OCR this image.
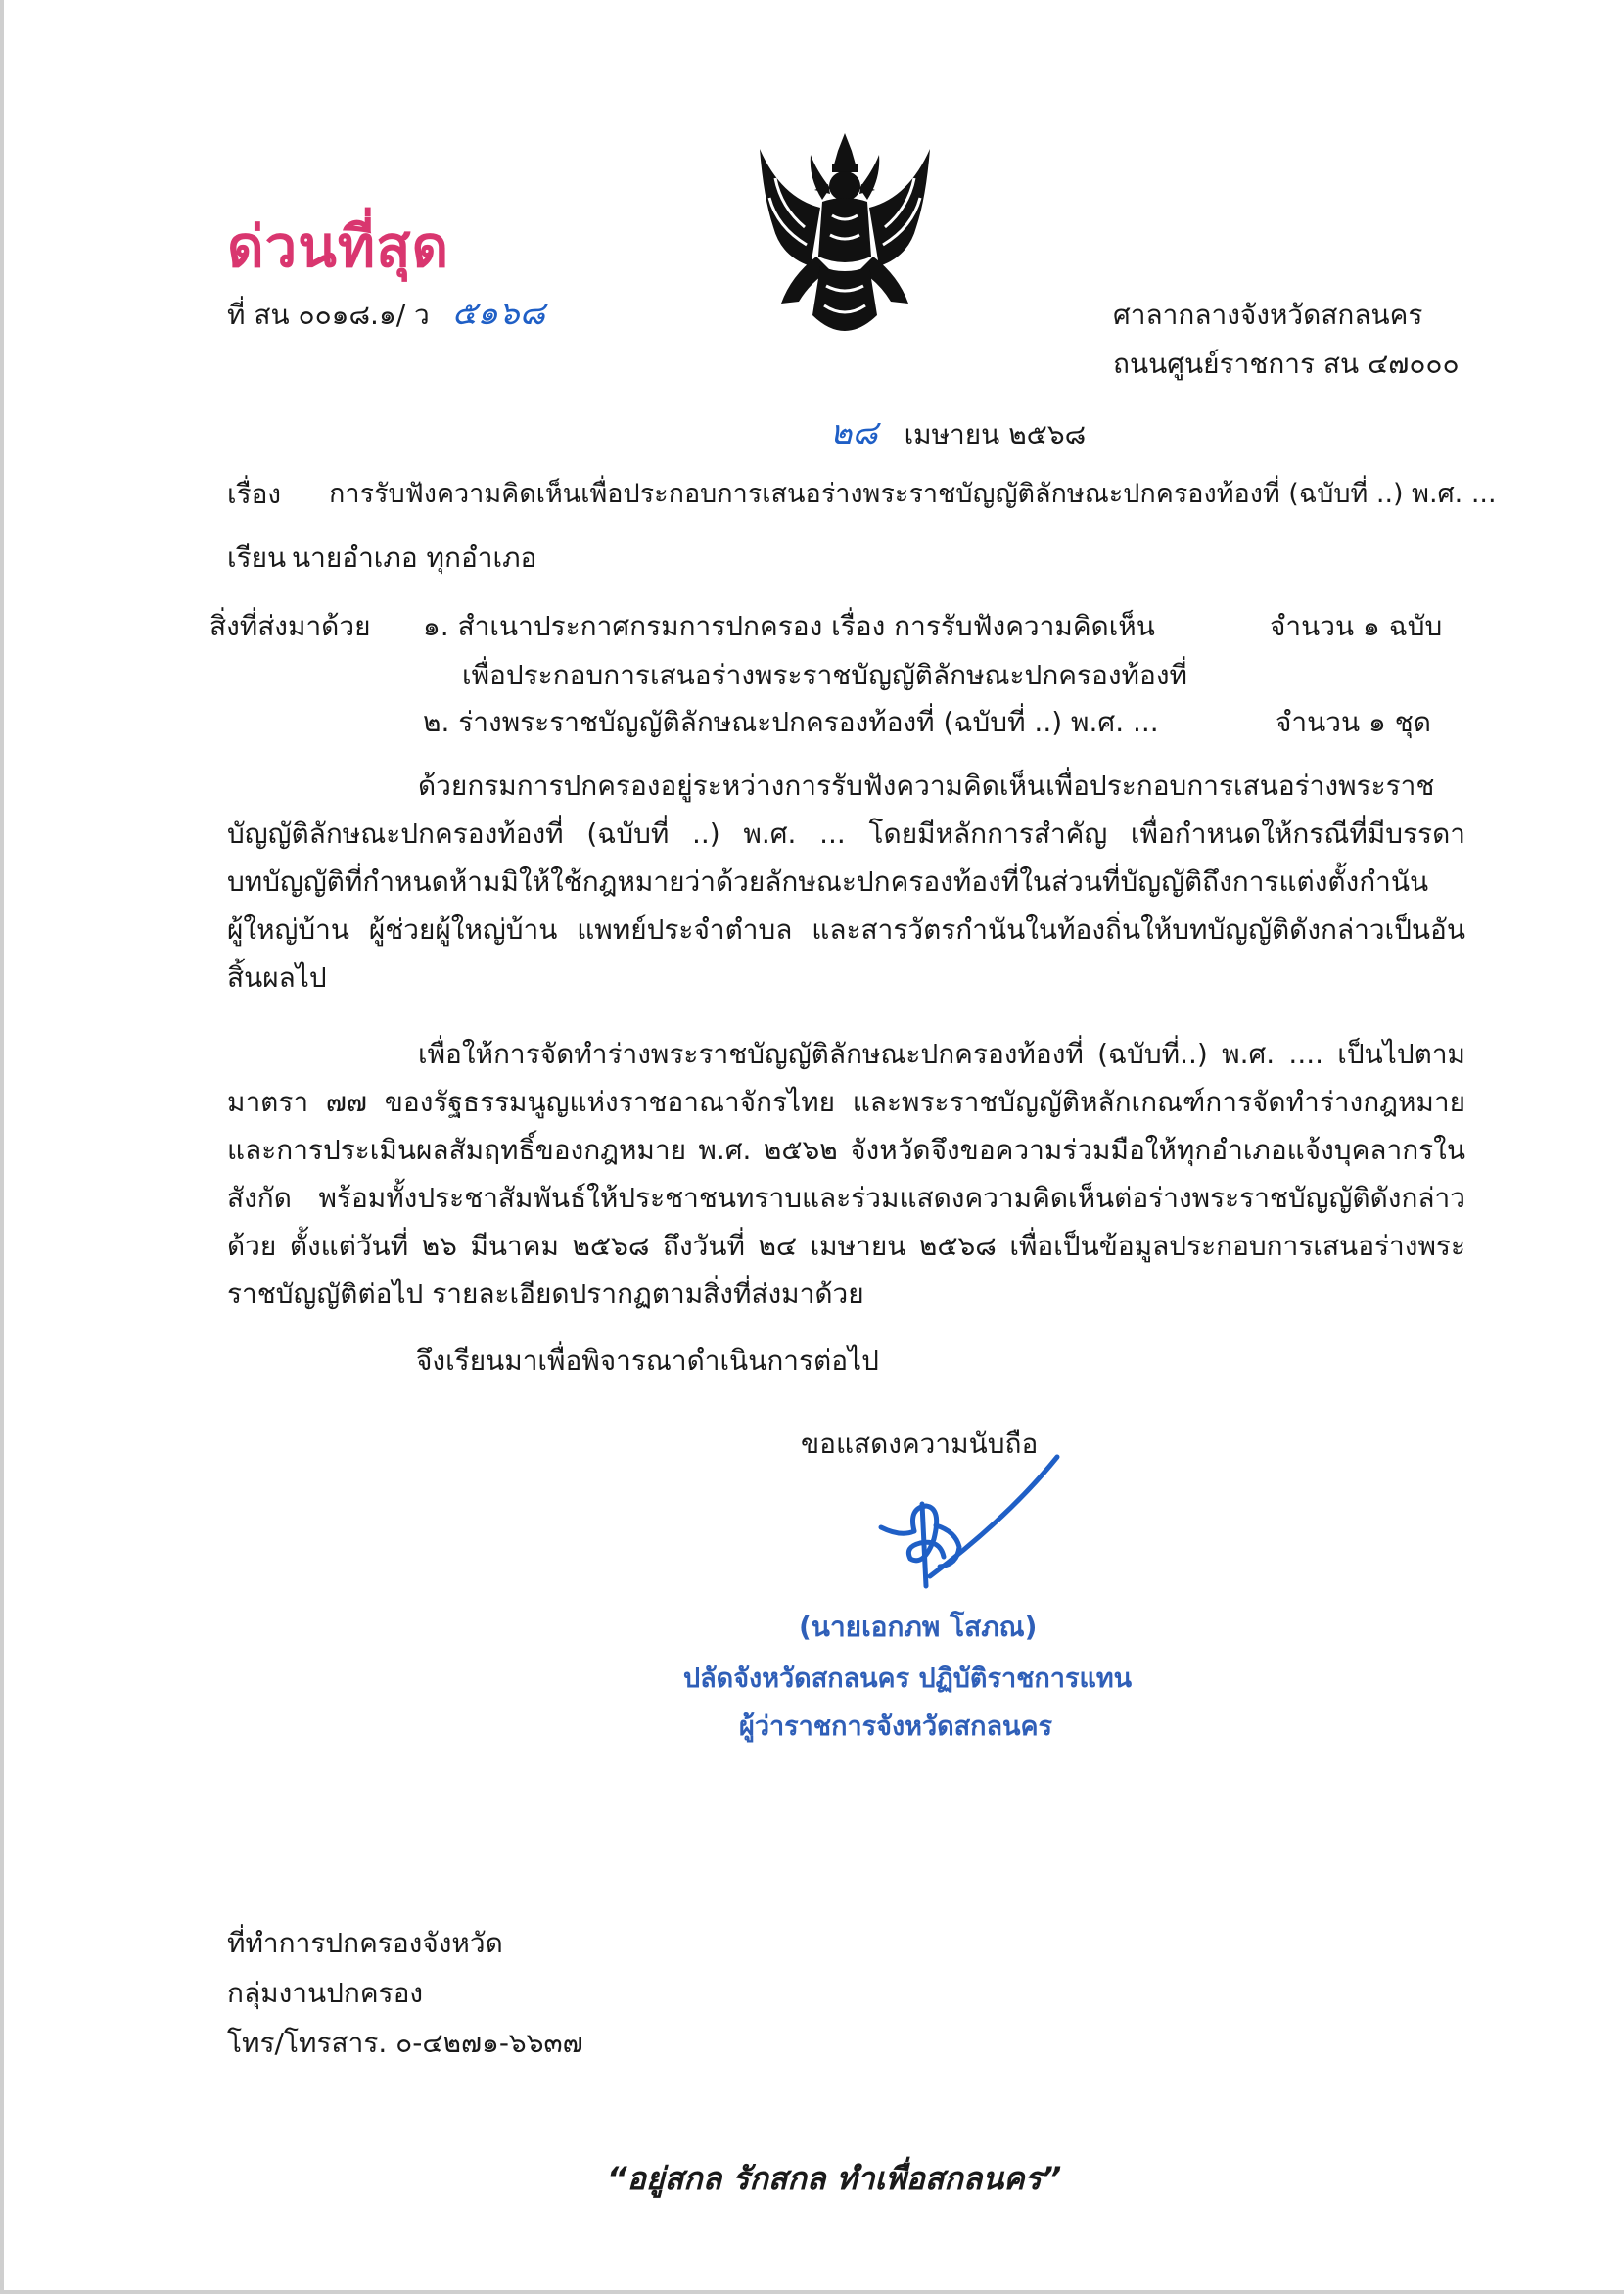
ด่วนที่สุด
ที่ สน ๐๐๑๘.๑/ ว ๕๑๖๘	ศาลากลางจังหวัดสกลนคร
ถนนศูนย์ราชการ สน ๔๗๐๐๐
๒๘ เมษายน ๒๕๖๘
เรื่อง การรับฟังความคิดเห็นเพื่อประกอบการเสนอร่างพระราชบัญญัติลักษณะปกครองท้องที่ (ฉบับที่ ..) พ.ศ. ...
เรียน นายอำเภอ ทุกอำเภอ
สิ่งที่ส่งมาด้วย ๑. สำเนาประกาศกรมการปกครอง เรื่อง การรับฟังความคิดเห็น	จำนวน ๑ ฉบับ
เพื่อประกอบการเสนอร่างพระราชบัญญัติลักษณะปกครองท้องที่
๒. ร่างพระราชบัญญัติลักษณะปกครองท้องที่ (ฉบับที่ ..) พ.ศ. ...	จำนวน ๑ ชุด
ด้วยกรมการปกครองอยู่ระหว่างการรับฟังความคิดเห็นเพื่อประกอบการเสนอร่างพระราชบัญญัติลักษณะปกครองท้องที่ (ฉบับที่ ..) พ.ศ. ... โดยมีหลักการสำคัญ เพื่อกำหนดให้กรณีที่มีบรรดาบทบัญญัติที่กำหนดห้ามมิให้ใช้กฎหมายว่าด้วยลักษณะปกครองท้องที่ในส่วนที่บัญญัติถึงการแต่งตั้งกำนัน ผู้ใหญ่บ้าน ผู้ช่วยผู้ใหญ่บ้าน แพทย์ประจำตำบล และสารวัตรกำนันในท้องถิ่นให้บทบัญญัติดังกล่าวเป็นอันสิ้นผลไป
เพื่อให้การจัดทำร่างพระราชบัญญัติลักษณะปกครองท้องที่ (ฉบับที่..) พ.ศ. .... เป็นไปตามมาตรา ๗๗ ของรัฐธรรมนูญแห่งราชอาณาจักรไทย และพระราชบัญญัติหลักเกณฑ์การจัดทำร่างกฎหมายและการประเมินผลสัมฤทธิ์ของกฎหมาย พ.ศ. ๒๕๖๒ จังหวัดจึงขอความร่วมมือให้ทุกอำเภอแจ้งบุคลากรในสังกัด พร้อมทั้งประชาสัมพันธ์ให้ประชาชนทราบและร่วมแสดงความคิดเห็นต่อร่างพระราชบัญญัติดังกล่าวด้วย ตั้งแต่วันที่ ๒๖ มีนาคม ๒๕๖๘ ถึงวันที่ ๒๔ เมษายน ๒๕๖๘ เพื่อเป็นข้อมูลประกอบการเสนอร่างพระราชบัญญัติต่อไป รายละเอียดปรากฏตามสิ่งที่ส่งมาด้วย
จึงเรียนมาเพื่อพิจารณาดำเนินการต่อไป
ขอแสดงความนับถือ
(นายเอกภพ โสภณ)
ปลัดจังหวัดสกลนคร ปฏิบัติราชการแทน
ผู้ว่าราชการจังหวัดสกลนคร
ที่ทำการปกครองจังหวัด
กลุ่มงานปกครอง
โทร/โทรสาร. ๐-๔๒๗๑-๖๖๓๗
“อยู่สกล รักสกล ทำเพื่อสกลนคร”
